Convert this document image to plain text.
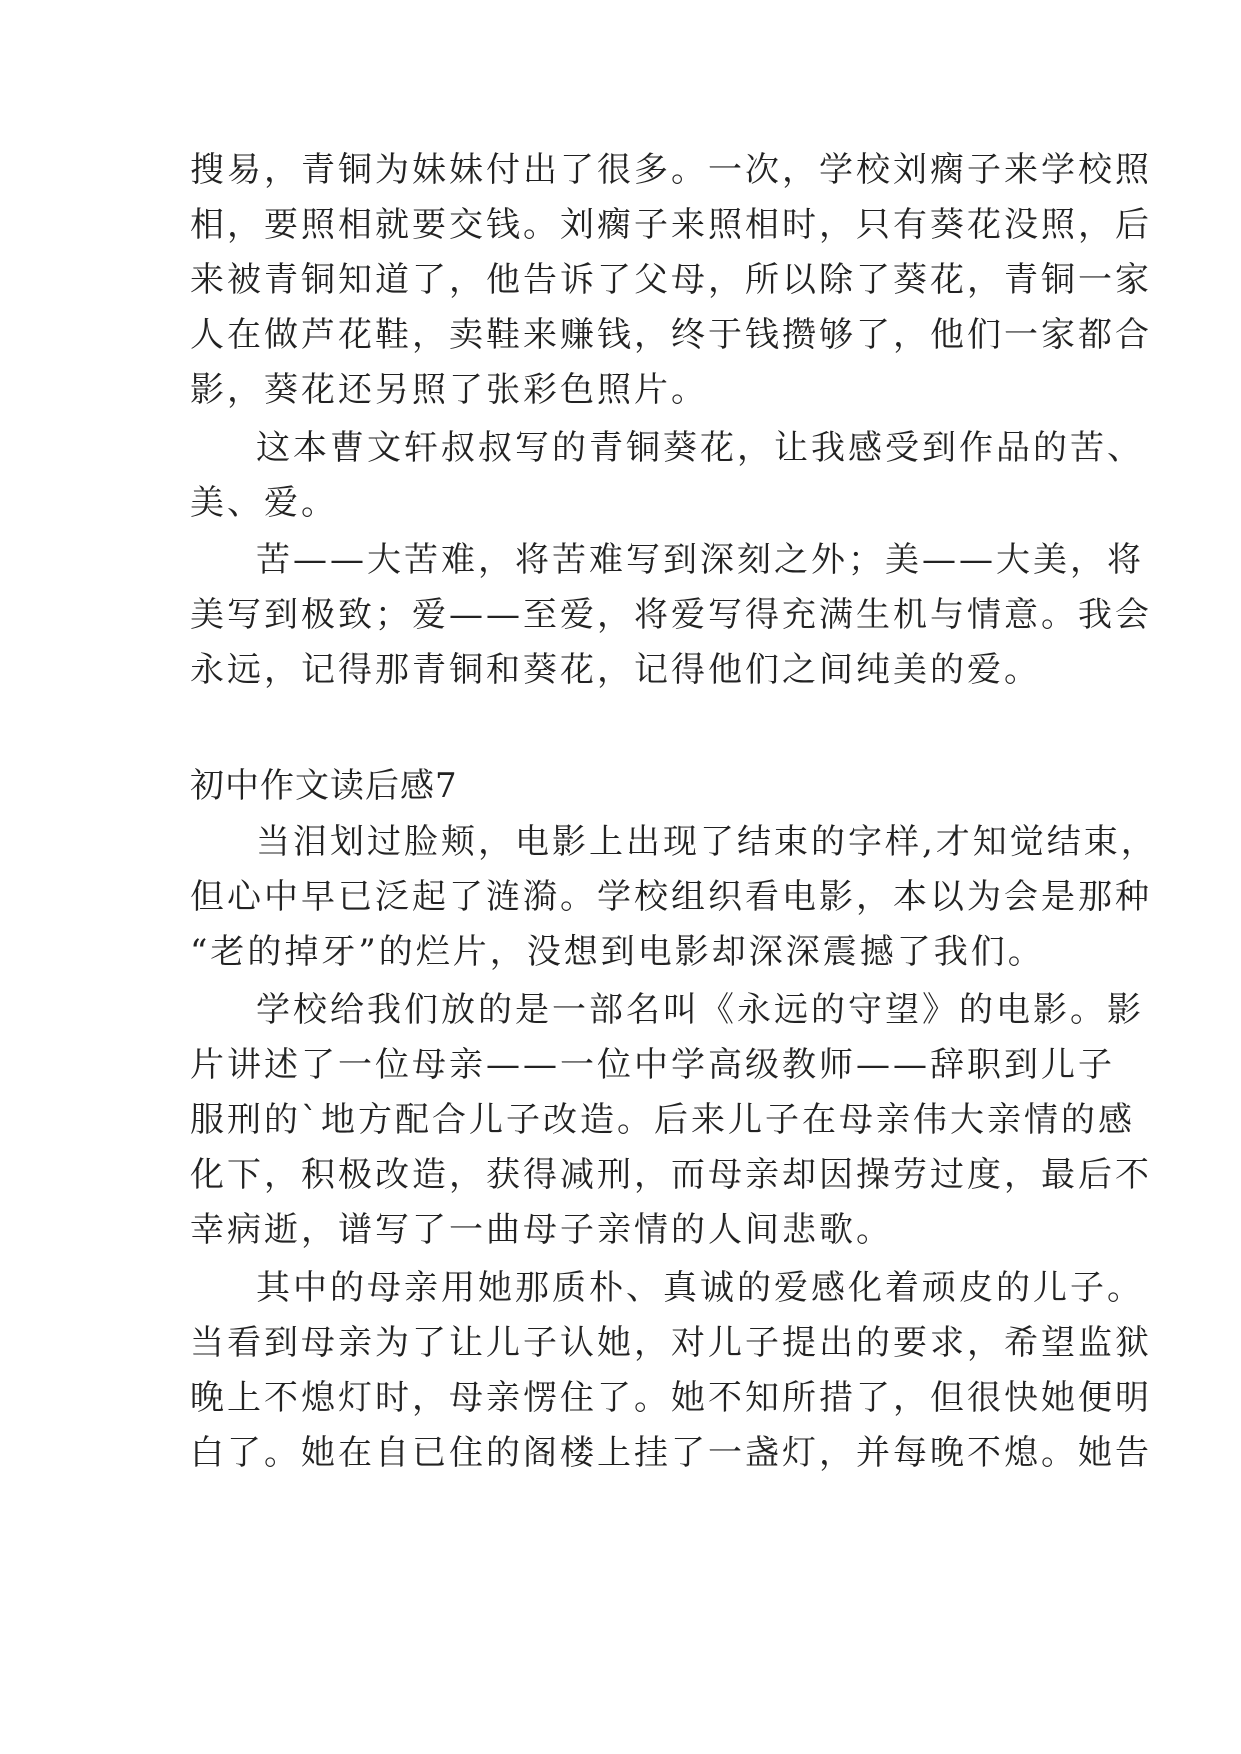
搜易，青铜为妹妹付出了很多。一次，学校刘瘸子来学校照
相，要照相就要交钱。刘瘸子来照相时，只有葵花没照，后
来被青铜知道了，他告诉了父母，所以除了葵花，青铜一家
人在做芦花鞋，卖鞋来赚钱，终于钱攒够了，他们一家都合
影，葵花还另照了张彩色照片。
这本曹文轩叔叔写的青铜葵花，让我感受到作品的苦、
美、爱。
苦——大苦难，将苦难写到深刻之外；美——大美，将
美写到极致；爱——至爱，将爱写得充满生机与情意。我会
永远，记得那青铜和葵花，记得他们之间纯美的爱。
初中作文读后感7
当泪划过脸颊，电影上出现了结束的字样,才知觉结束，
但心中早已泛起了涟漪。学校组织看电影，本以为会是那种
“老的掉牙”的烂片，没想到电影却深深震撼了我们。
学校给我们放的是一部名叫《永远的守望》的电影。影
片讲述了一位母亲——一位中学高级教师——辞职到儿子
服刑的`地方配合儿子改造。后来儿子在母亲伟大亲情的感
化下，积极改造，获得减刑，而母亲却因操劳过度，最后不
幸病逝，谱写了一曲母子亲情的人间悲歌。
其中的母亲用她那质朴、真诚的爱感化着顽皮的儿子。
当看到母亲为了让儿子认她，对儿子提出的要求，希望监狱
晚上不熄灯时，母亲愣住了。她不知所措了，但很快她便明
白了。她在自已住的阁楼上挂了一盏灯，并每晚不熄。她告
